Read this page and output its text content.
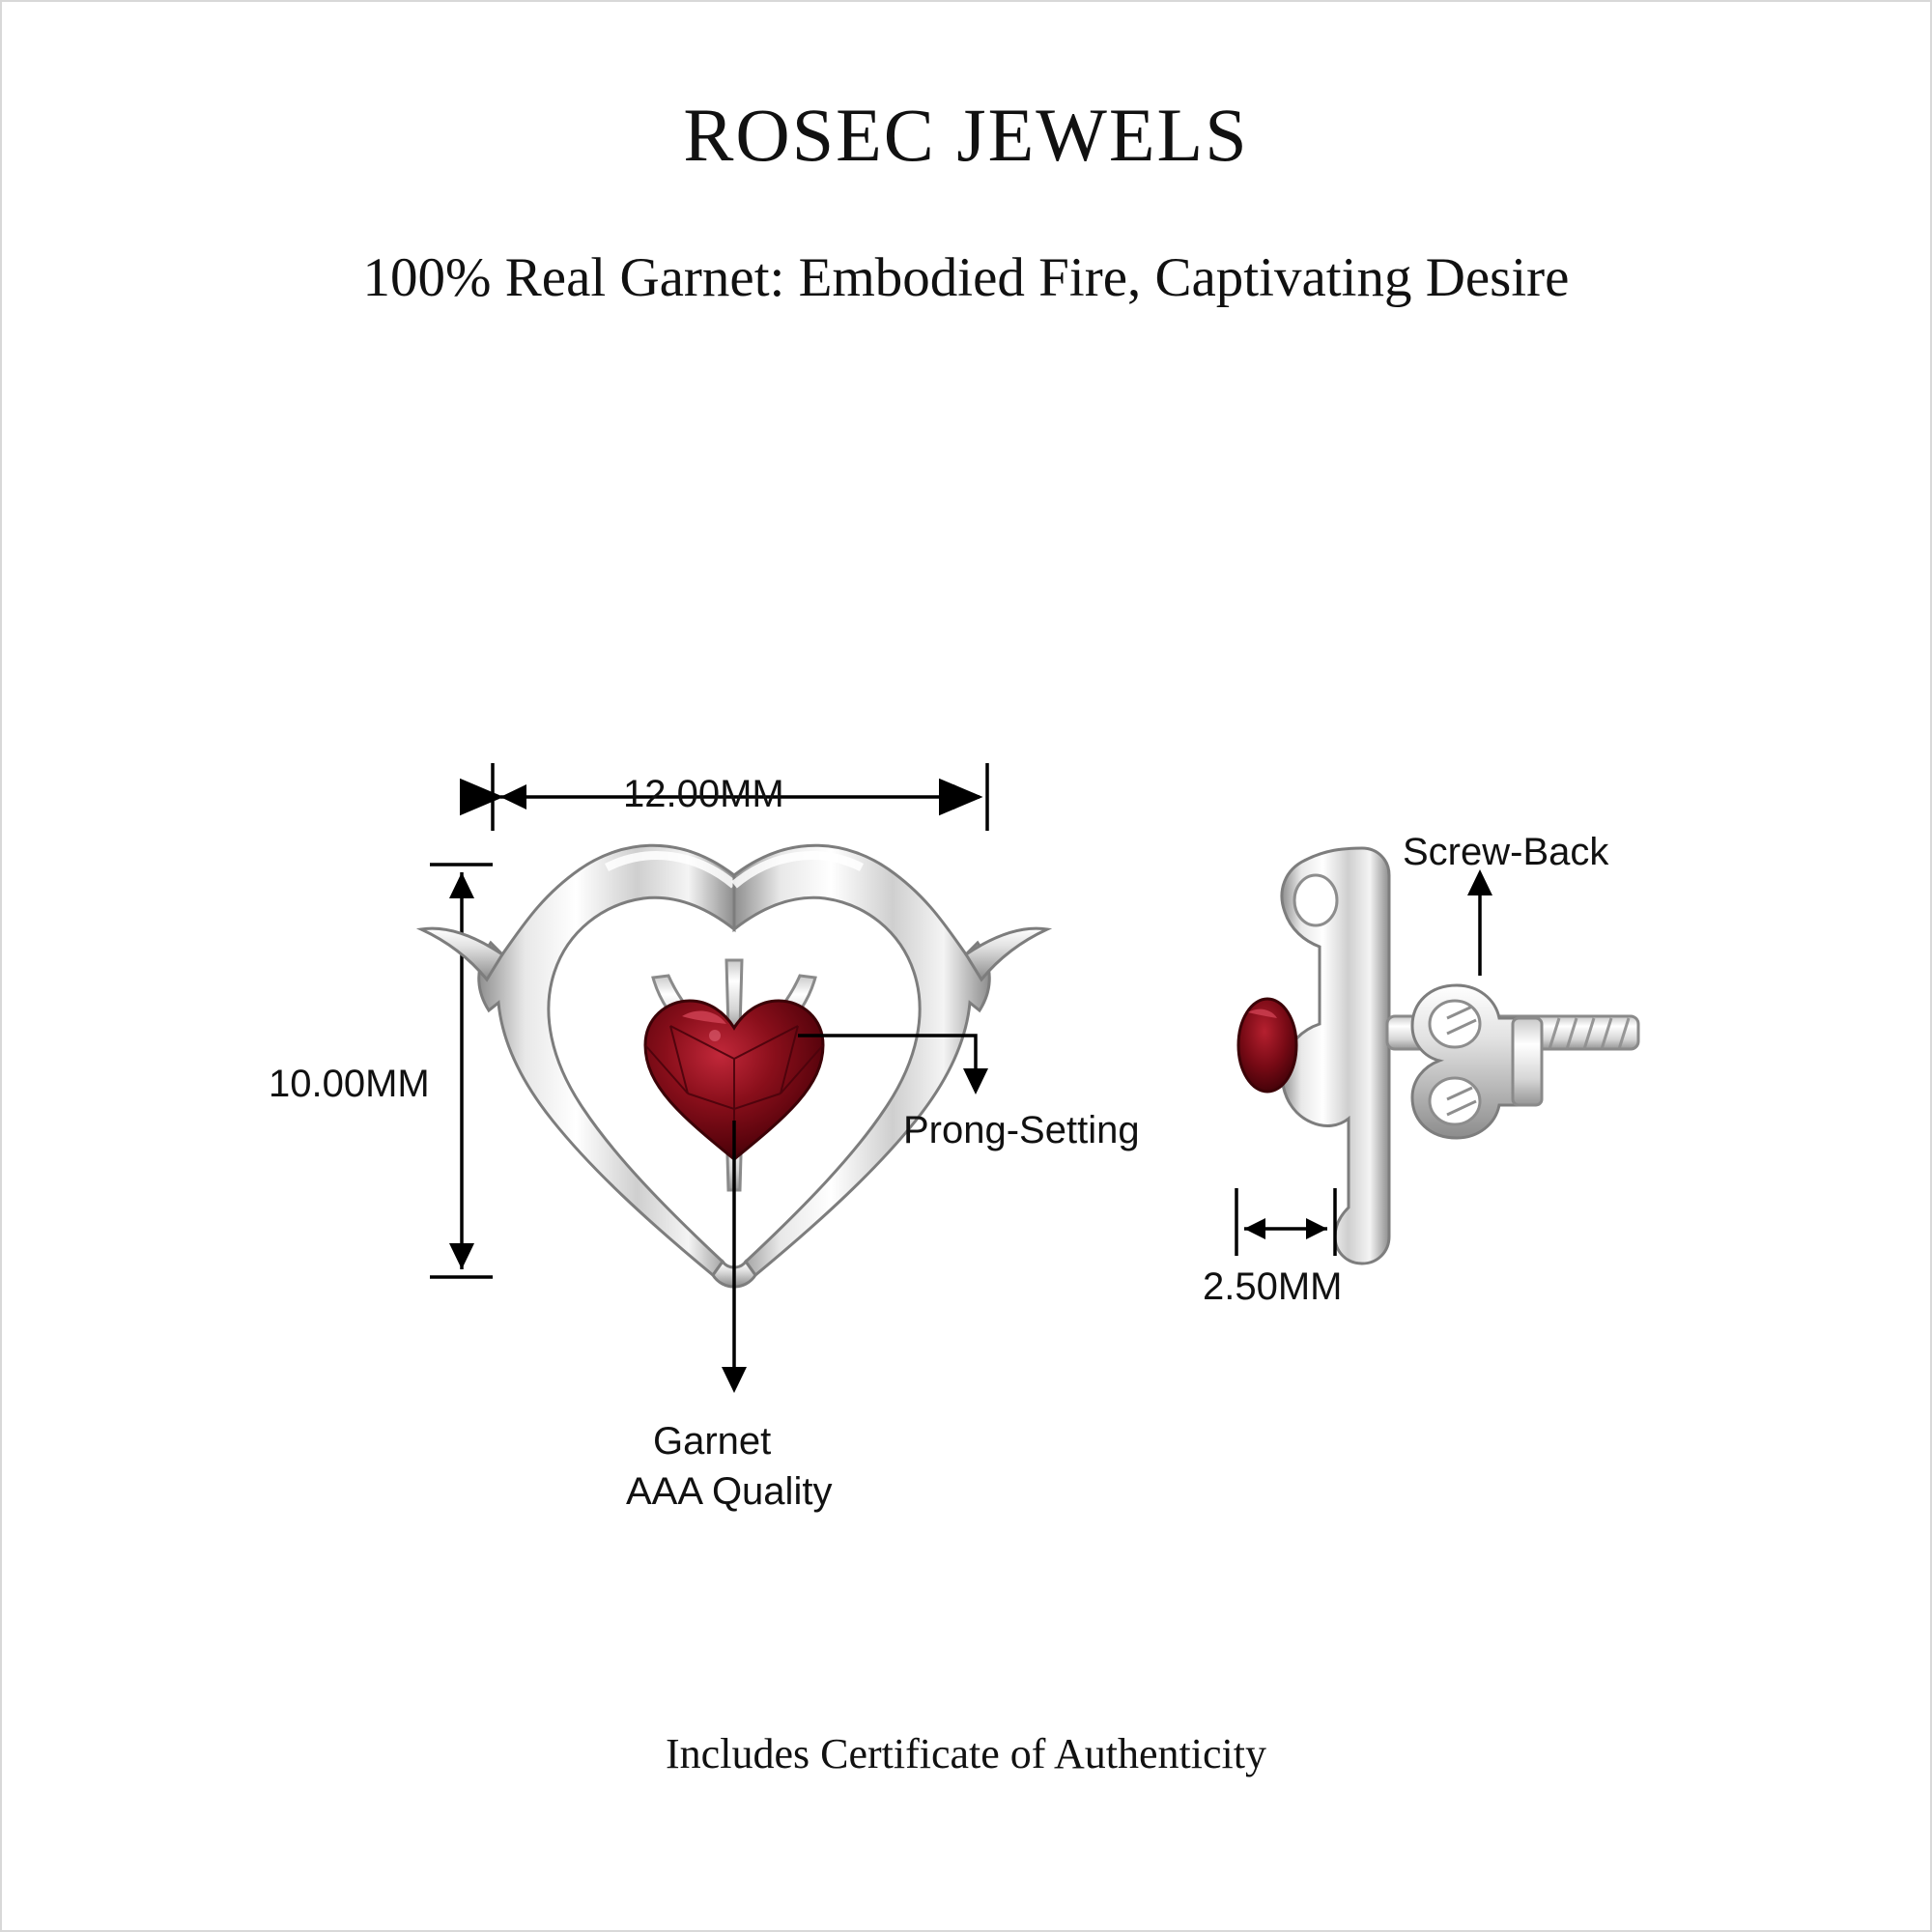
ROSEC JEWELS
100% Real Garnet: Embodied Fire, Captivating Desire
12.00MM
10.00MM
Prong-Setting
Garnet
AAA Quality
Screw-Back
2.50MM
Includes Certificate of Authenticity
